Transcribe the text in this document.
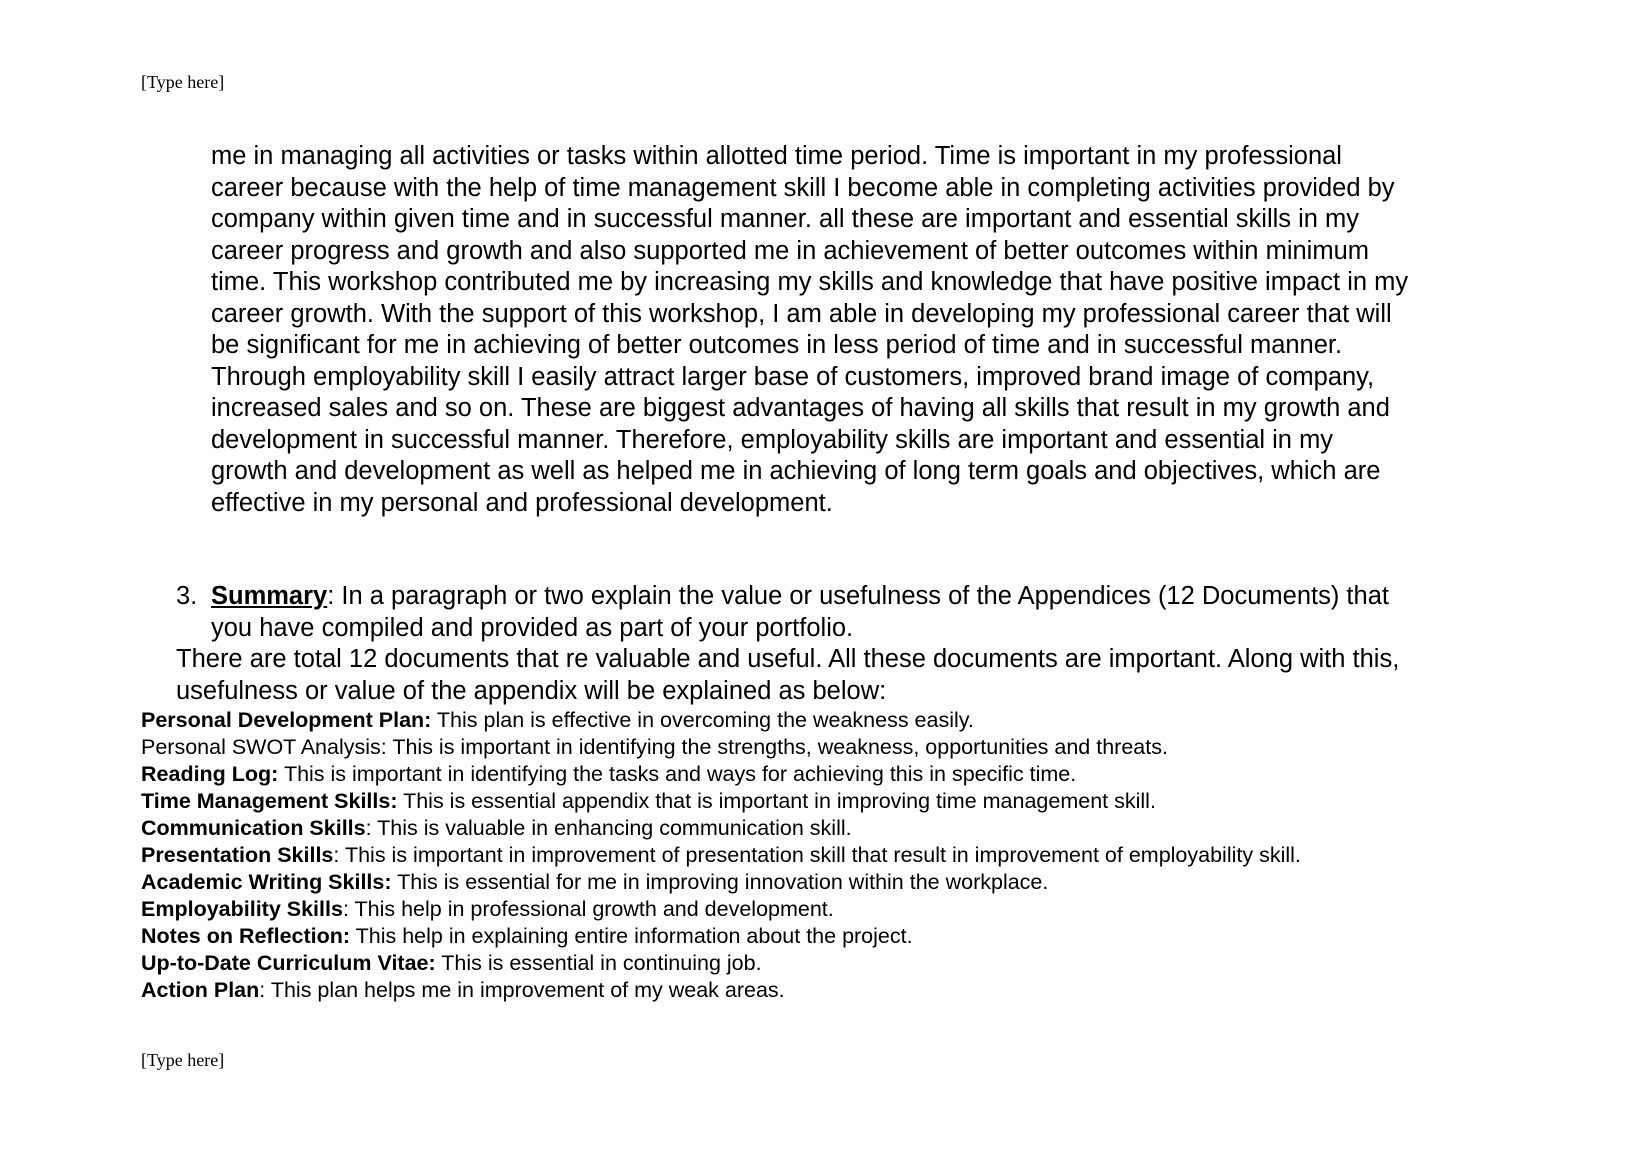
[Type here]
me in managing all activities or tasks within allotted time period. Time is important in my professional
career because with the help of time management skill I become able in completing activities provided by
company within given time and in successful manner. all these are important and essential skills in my
career progress and growth and also supported me in achievement of better outcomes within minimum
time. This workshop contributed me by increasing my skills and knowledge that have positive impact in my
career growth. With the support of this workshop, I am able in developing my professional career that will
be significant for me in achieving of better outcomes in less period of time and in successful manner.
Through employability skill I easily attract larger base of customers, improved brand image of company,
increased sales and so on. These are biggest advantages of having all skills that result in my growth and
development in successful manner. Therefore, employability skills are important and essential in my
growth and development as well as helped me in achieving of long term goals and objectives, which are
effective in my personal and professional development.
3. Summary: In a paragraph or two explain the value or usefulness of the Appendices (12 Documents) that
you have compiled and provided as part of your portfolio.
There are total 12 documents that re valuable and useful. All these documents are important. Along with this,
usefulness or value of the appendix will be explained as below:
Personal Development Plan: This plan is effective in overcoming the weakness easily.
Personal SWOT Analysis: This is important in identifying the strengths, weakness, opportunities and threats.
Reading Log: This is important in identifying the tasks and ways for achieving this in specific time.
Time Management Skills: This is essential appendix that is important in improving time management skill.
Communication Skills: This is valuable in enhancing communication skill.
Presentation Skills: This is important in improvement of presentation skill that result in improvement of employability skill.
Academic Writing Skills: This is essential for me in improving innovation within the workplace.
Employability Skills: This help in professional growth and development.
Notes on Reflection: This help in explaining entire information about the project.
Up-to-Date Curriculum Vitae: This is essential in continuing job.
Action Plan: This plan helps me in improvement of my weak areas.
[Type here]
